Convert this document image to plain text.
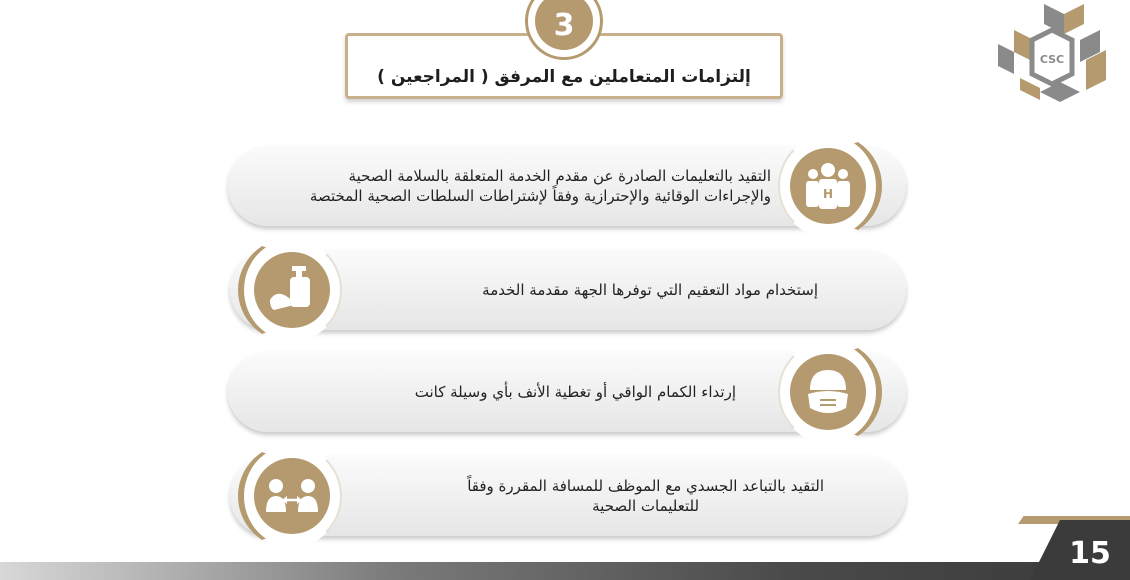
CSC
إلتزامات المتعاملين مع المرفق ( المراجعين )
3
التقيد بالتعليمات الصادرة عن مقدم الخدمة المتعلقة بالسلامة الصحية
والإجراءات الوقائية والإحترازية وفقاً لإشتراطات السلطات الصحية المختصة	H
إستخدام مواد التعقيم التي توفرها الجهة مقدمة الخدمة
إرتداء الكمام الواقي أو تغطية الأنف بأي وسيلة كانت
التقيد بالتباعد الجسدي مع الموظف للمسافة المقررة وفقاً
للتعليمات الصحية
15
